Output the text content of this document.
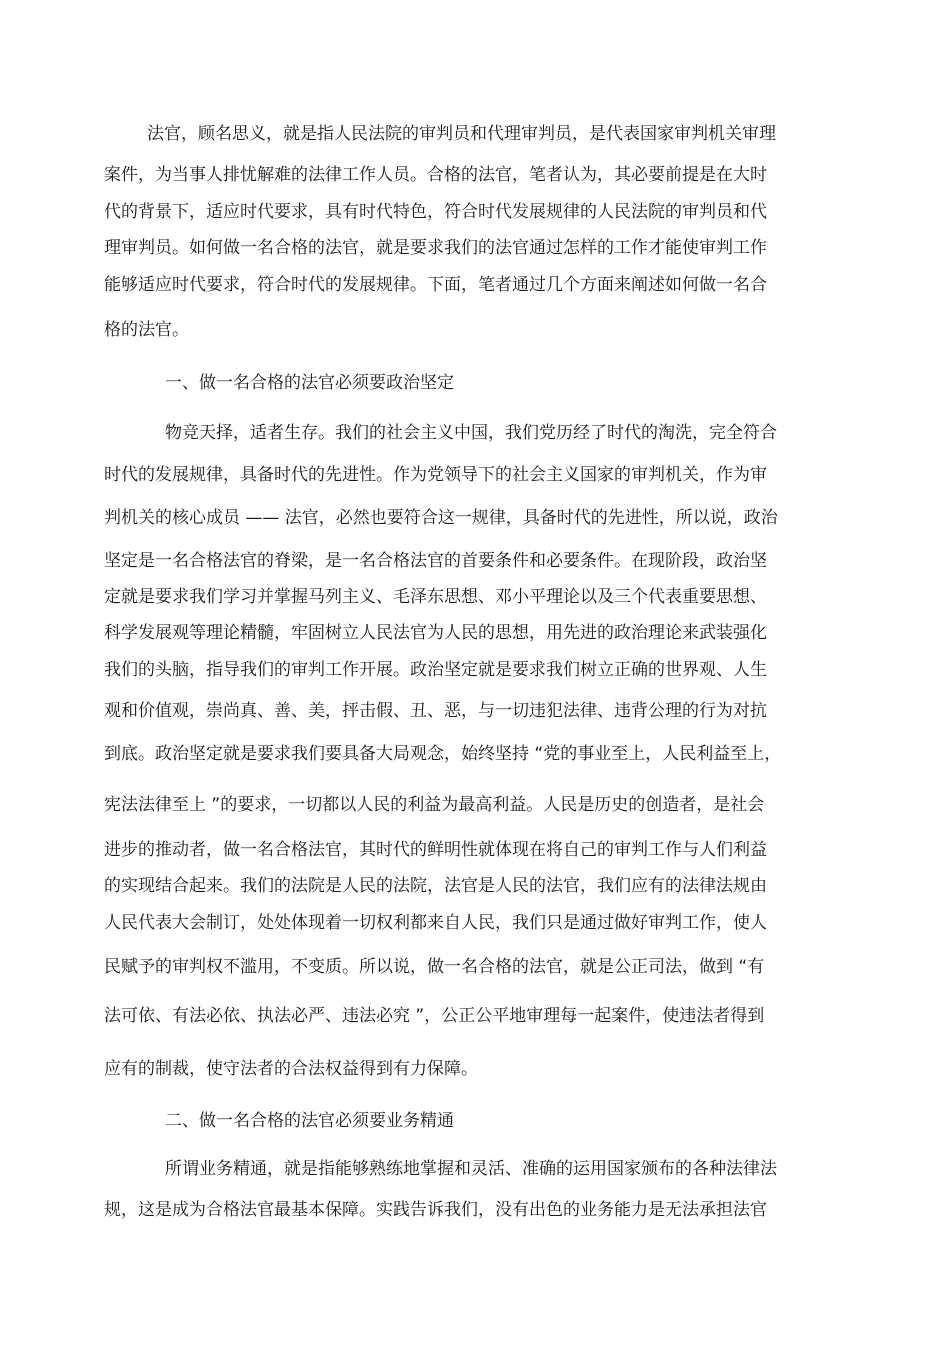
法官，顾名思义，就是指人民法院的审判员和代理审判员，是代表国家审判机关审理

案件，为当事人排忧解难的法律工作人员。合格的法官，笔者认为，其必要前提是在大时

代的背景下，适应时代要求，具有时代特色，符合时代发展规律的人民法院的审判员和代

理审判员。如何做一名合格的法官，就是要求我们的法官通过怎样的工作才能使审判工作

能够适应时代要求，符合时代的发展规律。下面，笔者通过几个方面来阐述如何做一名合

格的法官。

一、做一名合格的法官必须要政治坚定

物竞天择，适者生存。我们的社会主义中国，我们党历经了时代的淘洗，完全符合

时代的发展规律，具备时代的先进性。作为党领导下的社会主义国家的审判机关，作为审

判机关的核心成员 —— 法官，必然也要符合这一规律，具备时代的先进性，所以说，政治

坚定是一名合格法官的脊梁，是一名合格法官的首要条件和必要条件。在现阶段，政治坚

定就是要求我们学习并掌握马列主义、毛泽东思想、邓小平理论以及三个代表重要思想、

科学发展观等理论精髓，牢固树立人民法官为人民的思想，用先进的政治理论来武装强化

我们的头脑，指导我们的审判工作开展。政治坚定就是要求我们树立正确的世界观、人生

观和价值观，崇尚真、善、美，抨击假、丑、恶，与一切违犯法律、违背公理的行为对抗

到底。政治坚定就是要求我们要具备大局观念，始终坚持 “党的事业至上，人民利益至上，

宪法法律至上 ”的要求，一切都以人民的利益为最高利益。人民是历史的创造者，是社会

进步的推动者，做一名合格法官，其时代的鲜明性就体现在将自己的审判工作与人们利益

的实现结合起来。我们的法院是人民的法院，法官是人民的法官，我们应有的法律法规由

人民代表大会制订，处处体现着一切权利都来自人民，我们只是通过做好审判工作，使人

民赋予的审判权不滥用，不变质。所以说，做一名合格的法官，就是公正司法，做到 “有

法可依、有法必依、执法必严、违法必究 ”，公正公平地审理每一起案件，使违法者得到

应有的制裁，使守法者的合法权益得到有力保障。

二、做一名合格的法官必须要业务精通

所谓业务精通，就是指能够熟练地掌握和灵活、准确的运用国家颁布的各种法律法

规，这是成为合格法官最基本保障。实践告诉我们，没有出色的业务能力是无法承担法官
